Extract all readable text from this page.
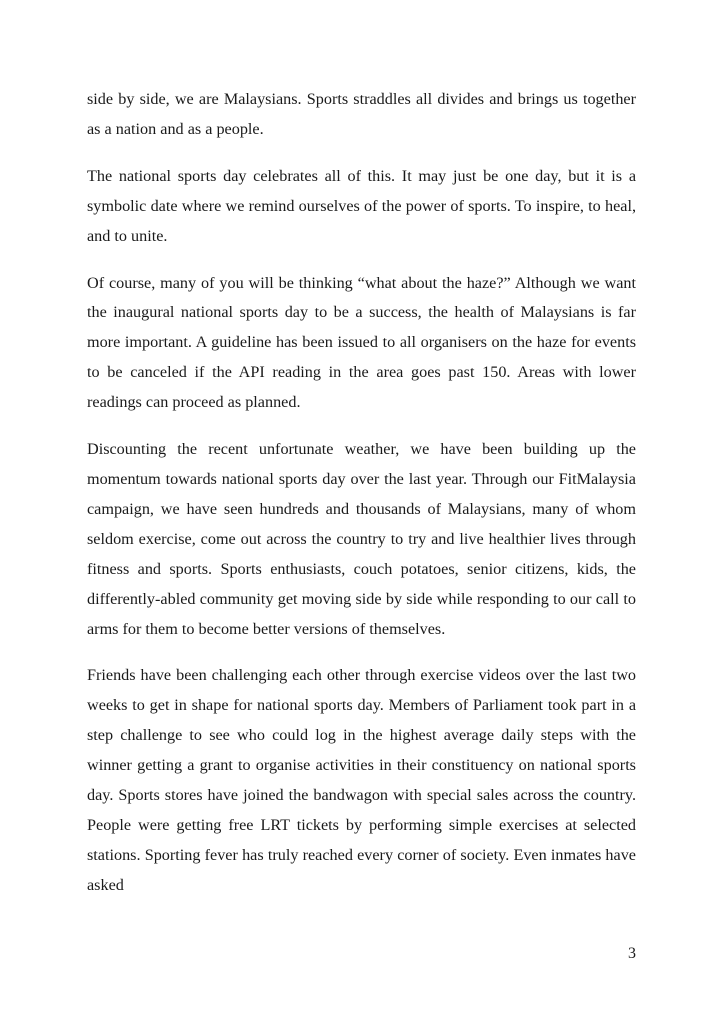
side by side, we are Malaysians. Sports straddles all divides and brings us together as a nation and as a people.

The national sports day celebrates all of this. It may just be one day, but it is a symbolic date where we remind ourselves of the power of sports. To inspire, to heal, and to unite.

Of course, many of you will be thinking “what about the haze?” Although we want the inaugural national sports day to be a success, the health of Malaysians is far more important. A guideline has been issued to all organisers on the haze for events to be canceled if the API reading in the area goes past 150. Areas with lower readings can proceed as planned.

Discounting the recent unfortunate weather, we have been building up the momentum towards national sports day over the last year. Through our FitMalaysia campaign, we have seen hundreds and thousands of Malaysians, many of whom seldom exercise, come out across the country to try and live healthier lives through fitness and sports. Sports enthusiasts, couch potatoes, senior citizens, kids, the differently-abled community get moving side by side while responding to our call to arms for them to become better versions of themselves.

Friends have been challenging each other through exercise videos over the last two weeks to get in shape for national sports day. Members of Parliament took part in a step challenge to see who could log in the highest average daily steps with the winner getting a grant to organise activities in their constituency on national sports day. Sports stores have joined the bandwagon with special sales across the country. People were getting free LRT tickets by performing simple exercises at selected stations. Sporting fever has truly reached every corner of society. Even inmates have asked

3
